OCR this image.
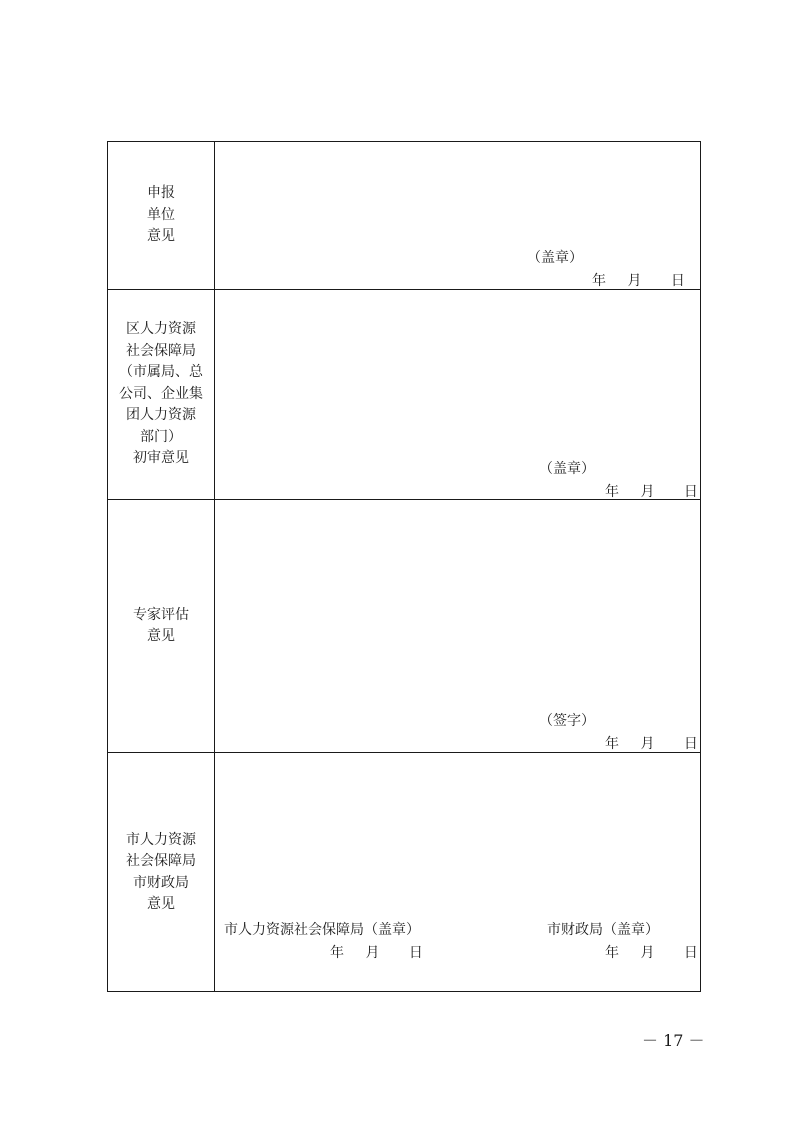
申报
单位
意见
（盖章）
年 月 日
区人力资源
社会保障局
（市属局、总
公司、企业集
团人力资源
部门）
初审意见
（盖章）
年 月 日
专家评估
意见
（签字）
年 月 日
市人力资源
社会保障局
市财政局
意见
市人力资源社会保障局（盖章）
年 月 日
市财政局（盖章）
年 月 日
－ 17 －
